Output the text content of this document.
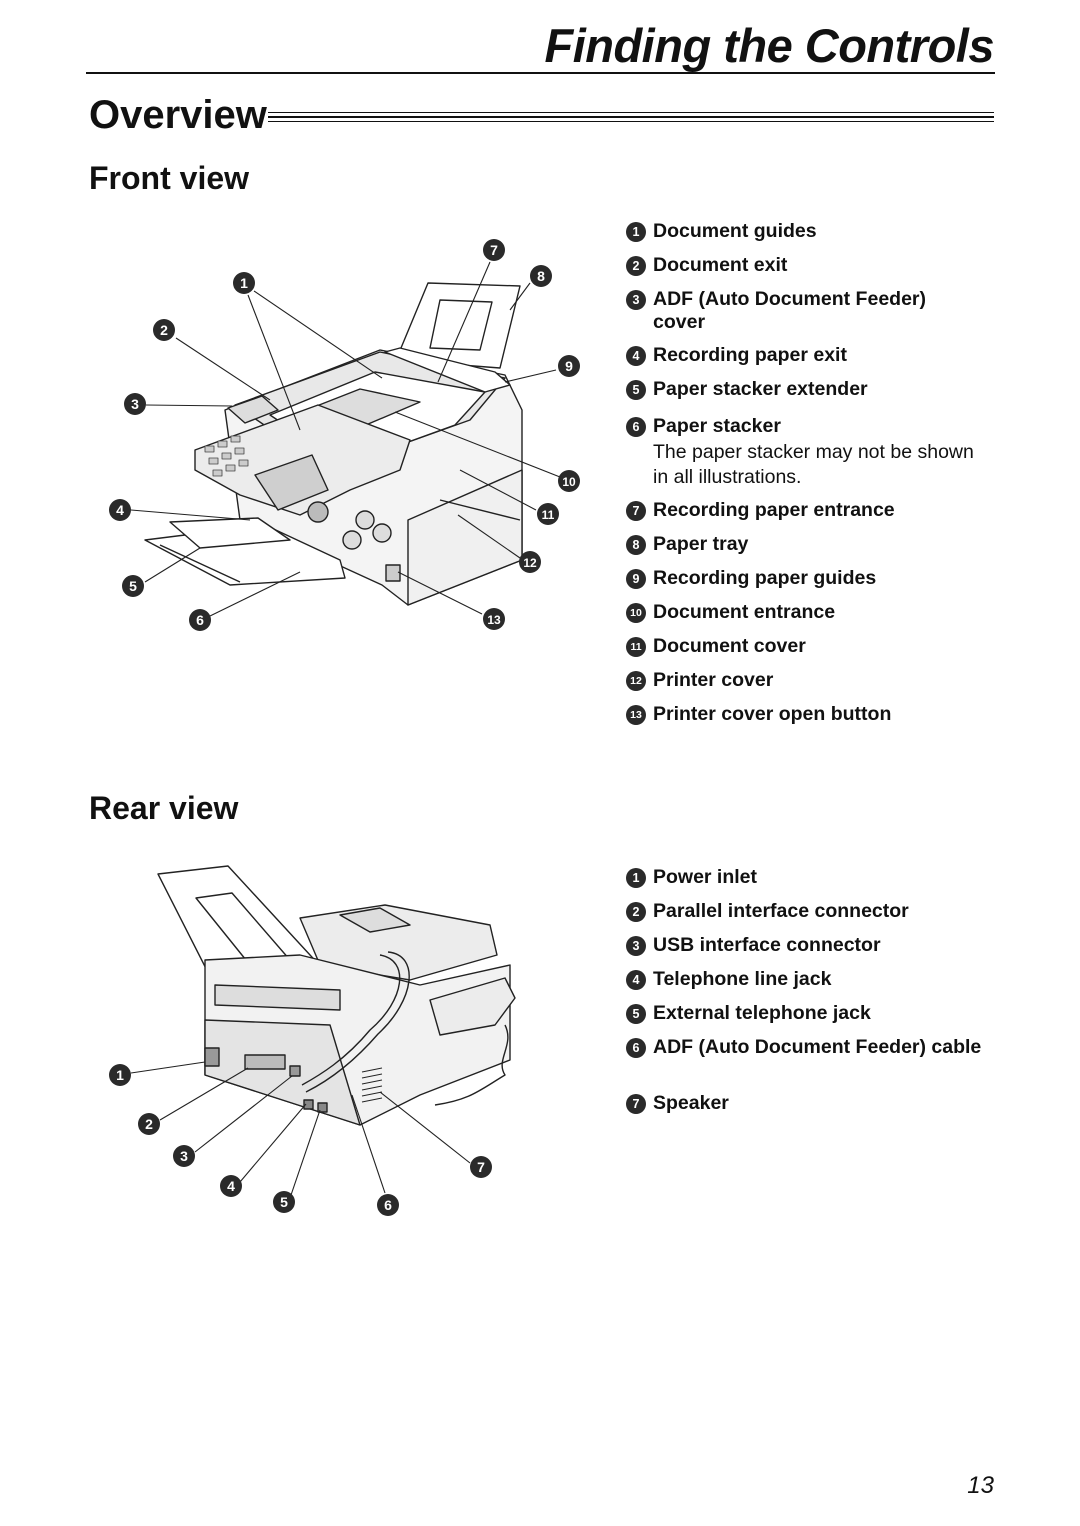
Finding the Controls
Overview
Front view
1
2
3
4
5
6
7
8
9
10
11
12
13
1 Document guides
2 Document exit
3 ADF (Auto Document Feeder) cover
4 Recording paper exit
5 Paper stacker extender
6 Paper stacker
The paper stacker may not be shown in all illustrations.
7 Recording paper entrance
8 Paper tray
9 Recording paper guides
10 Document entrance
11 Document cover
12 Printer cover
13 Printer cover open button
Rear view
1
2
3
4
5	6
7
1 Power inlet
2 Parallel interface connector
3 USB interface connector
4 Telephone line jack
5 External telephone jack
6 ADF (Auto Document Feeder) cable
7 Speaker
13
